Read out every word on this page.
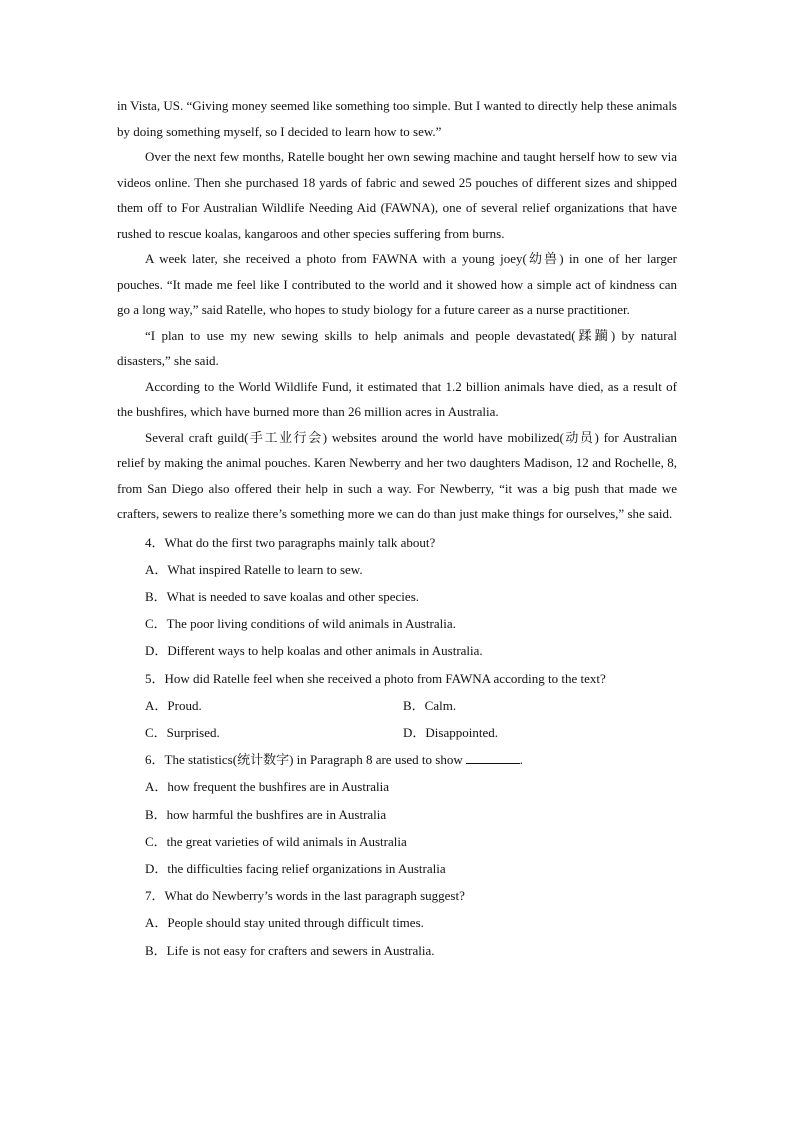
in Vista, US. “Giving money seemed like something too simple. But I wanted to directly help these animals by doing something myself, so I decided to learn how to sew.”

Over the next few months, Ratelle bought her own sewing machine and taught herself how to sew via videos online. Then she purchased 18 yards of fabric and sewed 25 pouches of different sizes and shipped them off to For Australian Wildlife Needing Aid (FAWNA), one of several relief organizations that have rushed to rescue koalas, kangaroos and other species suffering from burns.

A week later, she received a photo from FAWNA with a young joey(幼兽) in one of her larger pouches. “It made me feel like I contributed to the world and it showed how a simple act of kindness can go a long way,” said Ratelle, who hopes to study biology for a future career as a nurse practitioner.

“I plan to use my new sewing skills to help animals and people devastated(蹂躏) by natural disasters,” she said.

According to the World Wildlife Fund, it estimated that 1.2 billion animals have died, as a result of the bushfires, which have burned more than 26 million acres in Australia.

Several craft guild(手工业行会) websites around the world have mobilized(动员) for Australian relief by making the animal pouches. Karen Newberry and her two daughters Madison, 12 and Rochelle, 8, from San Diego also offered their help in such a way. For Newberry, “it was a big push that made we crafters, sewers to realize there’s something more we can do than just make things for ourselves,” she said.

4．What do the first two paragraphs mainly talk about?

A．What inspired Ratelle to learn to sew.

B．What is needed to save koalas and other species.

C．The poor living conditions of wild animals in Australia.

D．Different ways to help koalas and other animals in Australia.

5．How did Ratelle feel when she received a photo from FAWNA according to the text?

A．Proud.	B．Calm.
C．Surprised.	D．Disappointed.

6．The statistics(统计数字) in Paragraph 8 are used to show	.

A．how frequent the bushfires are in Australia

B．how harmful the bushfires are in Australia

C．the great varieties of wild animals in Australia

D．the difficulties facing relief organizations in Australia

7．What do Newberry’s words in the last paragraph suggest?

A．People should stay united through difficult times.

B．Life is not easy for crafters and sewers in Australia.
